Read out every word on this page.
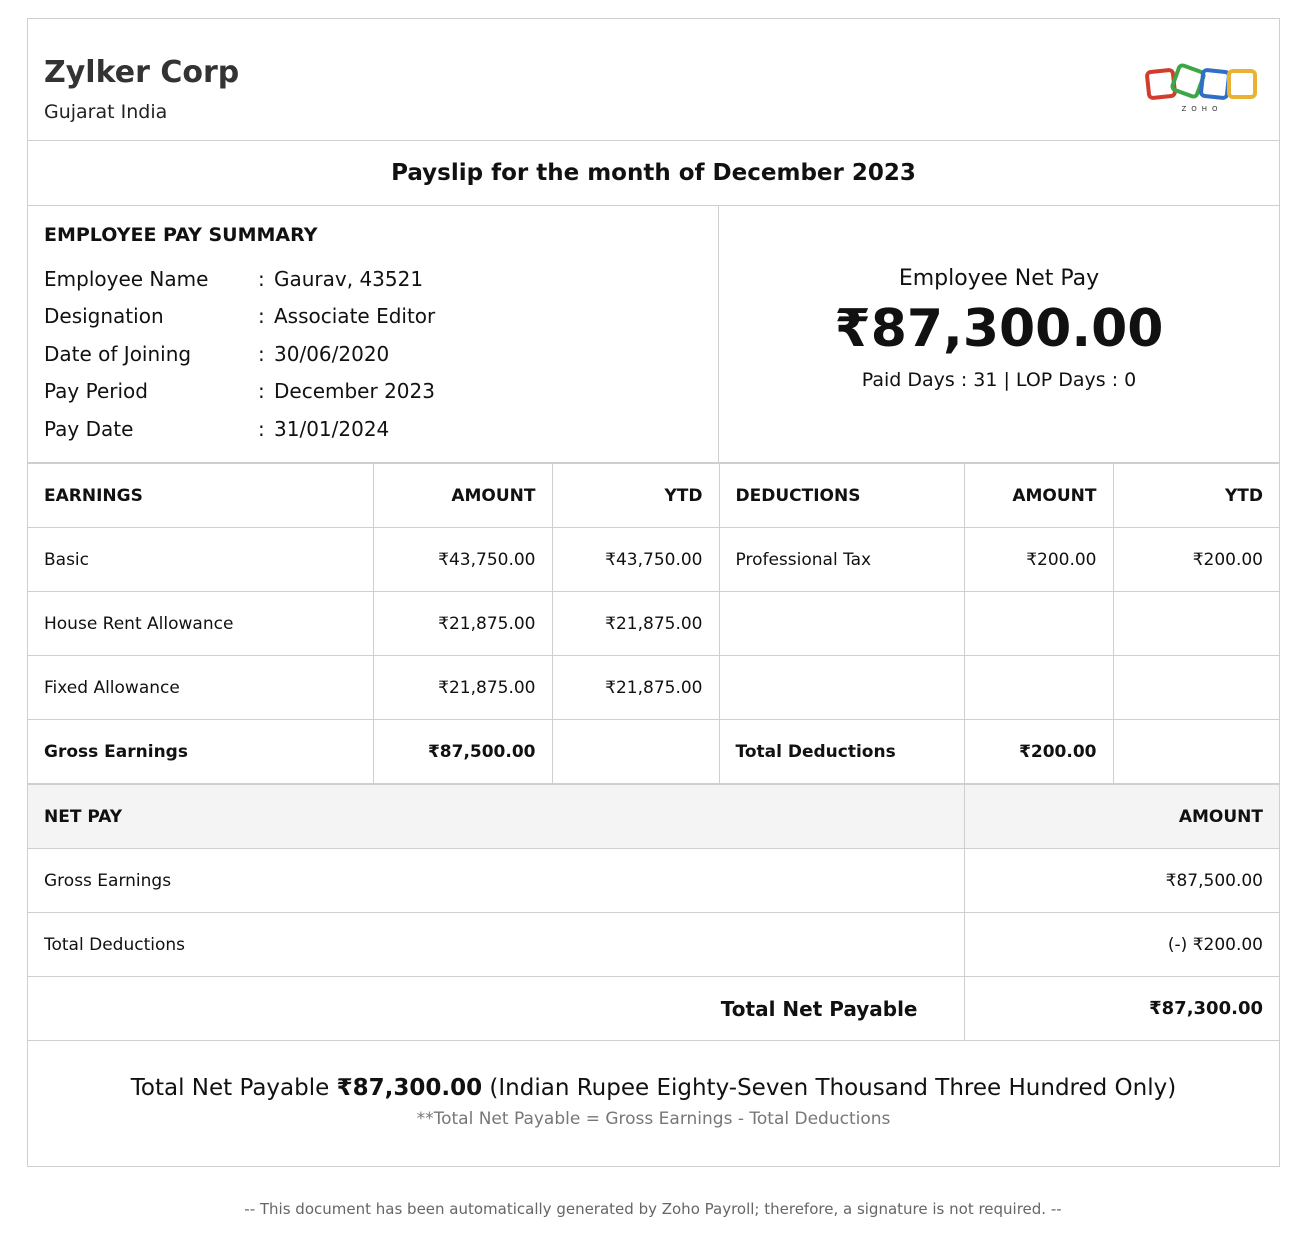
Zylker Corp
Gujarat India	ZOHO
Payslip for the month of December 2023
EMPLOYEE PAY SUMMARY
Employee Name	: Gaurav, 43521
Designation	: Associate Editor
Date of Joining	: 30/06/2020
Pay Period	: December 2023
Pay Date	: 31/01/2024
Employee Net Pay
₹87,300.00
Paid Days : 31 | LOP Days : 0
EARNINGS	AMOUNT	YTD	DEDUCTIONS	AMOUNT	YTD
Basic	₹43,750.00	₹43,750.00	Professional Tax	₹200.00	₹200.00
House Rent Allowance	₹21,875.00	₹21,875.00			
Fixed Allowance	₹21,875.00	₹21,875.00			
Gross Earnings	₹87,500.00		Total Deductions	₹200.00	
NET PAY	AMOUNT
Gross Earnings	₹87,500.00
Total Deductions	(-) ₹200.00
Total Net Payable	₹87,300.00
Total Net Payable ₹87,300.00 (Indian Rupee Eighty-Seven Thousand Three Hundred Only)
**Total Net Payable = Gross Earnings - Total Deductions
-- This document has been automatically generated by Zoho Payroll; therefore, a signature is not required. --
